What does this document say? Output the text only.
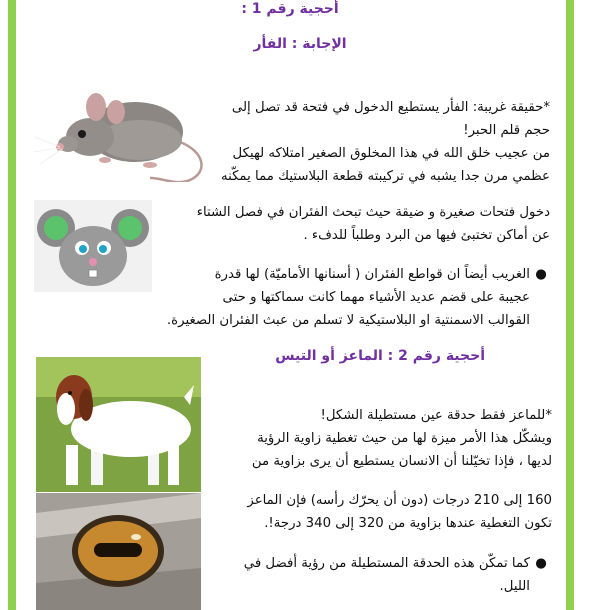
أحجية رقم 1 :
الإجابة : الفأر
*حقيقة غريبة: الفأر يستطيع الدخول في فتحة قد تصل إلى
حجم قلم الحبر!
من عجيب خلق الله في هذا المخلوق الصغير امتلاكه لهيكل
عظمي مرن جدا يشبه في تركيبته قطعة البلاستيك مما يمكّنه
دخول فتحات صغيرة و ضيقة حيث تبحث الفئران في فصل الشتاء
عن أماكن تختبئ فيها من البرد وطلباً للدفء .
●
الغريب أيضاً ان قواطع الفئران ( أسنانها الأماميّة) لها قدرة
عجيبة على قضم عديد الأشياء مهما كانت سماكتها و حتى
القوالب الاسمنتية او البلاستيكية لا تسلم من عبث الفئران الصغيرة.
أحجية رقم 2 : الماعز أو التيس
*للماعز فقط حدقة عين مستطيلة الشكل!
ويشكّل هذا الأمر ميزة لها من حيث تغطية زاوية الرؤية
لديها ، فإذا تخيّلنا أن الانسان يستطيع أن يرى بزاوية من
160 إلى 210 درجات (دون أن يحرّك رأسه) فإن الماعز
تكون التغطية عندها بزاوية من 320 إلى 340 درجة!.
●
كما تمكّن هذه الحدقة المستطيلة من رؤية أفضل في
الليل.
